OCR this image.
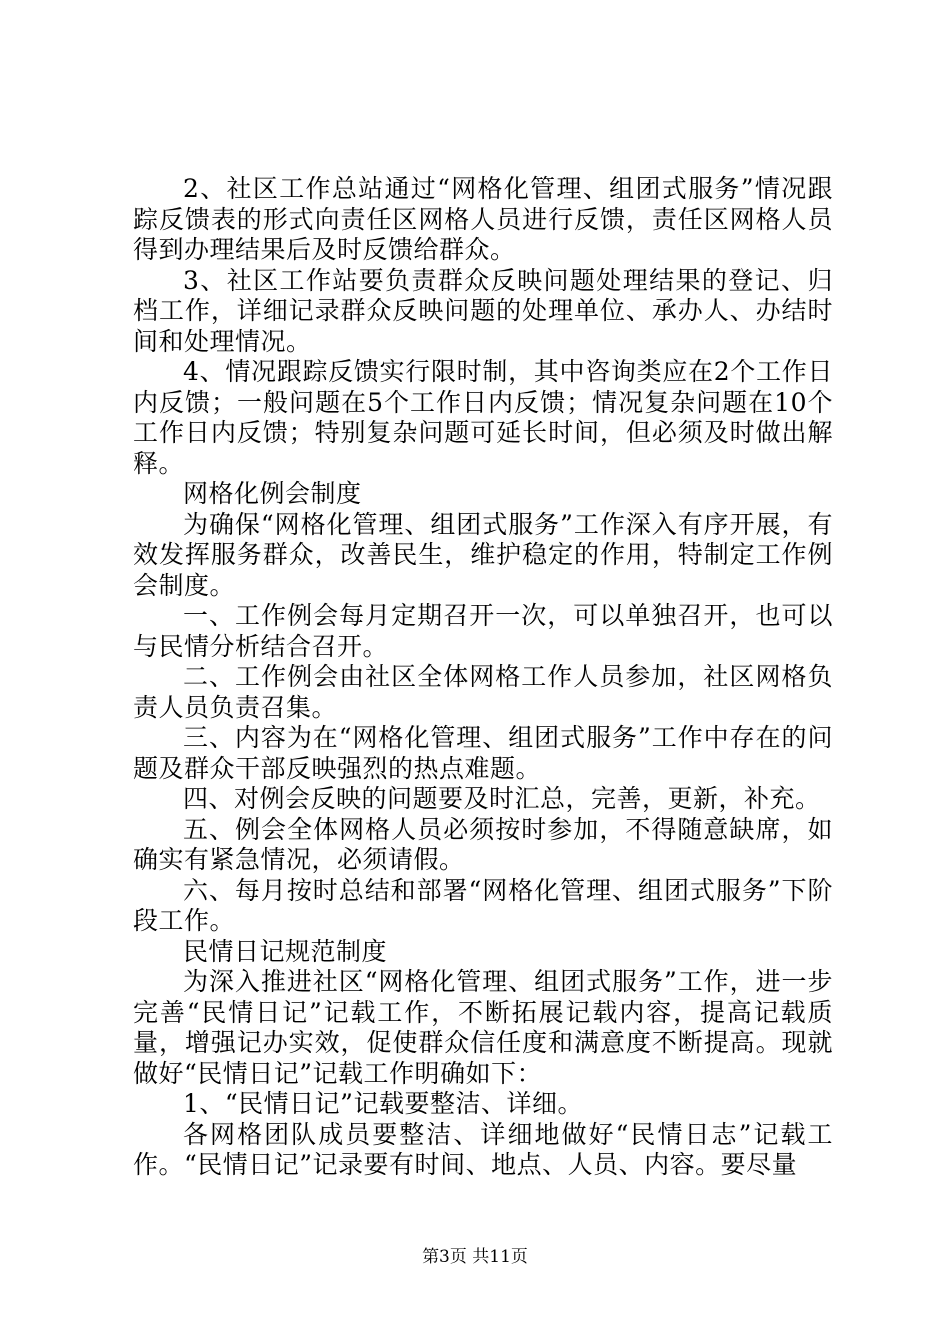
2、社区工作总站通过“网格化管理、组团式服务”情况跟踪反馈表的形式向责任区网格人员进行反馈，责任区网格人员得到办理结果后及时反馈给群众。

3、社区工作站要负责群众反映问题处理结果的登记、归档工作，详细记录群众反映问题的处理单位、承办人、办结时间和处理情况。

4、情况跟踪反馈实行限时制，其中咨询类应在2个工作日内反馈；一般问题在5个工作日内反馈；情况复杂问题在10个工作日内反馈；特别复杂问题可延长时间，但必须及时做出解释。

网格化例会制度

为确保“网格化管理、组团式服务”工作深入有序开展，有效发挥服务群众，改善民生，维护稳定的作用，特制定工作例会制度。

一、工作例会每月定期召开一次，可以单独召开，也可以与民情分析结合召开。

二、工作例会由社区全体网格工作人员参加，社区网格负责人员负责召集。

三、内容为在“网格化管理、组团式服务”工作中存在的问题及群众干部反映强烈的热点难题。

四、对例会反映的问题要及时汇总，完善，更新，补充。

五、例会全体网格人员必须按时参加，不得随意缺席，如确实有紧急情况，必须请假。

六、每月按时总结和部署“网格化管理、组团式服务”下阶段工作。

民情日记规范制度

为深入推进社区“网格化管理、组团式服务”工作，进一步完善“民情日记”记载工作，不断拓展记载内容，提高记载质量，增强记办实效，促使群众信任度和满意度不断提高。现就做好“民情日记”记载工作明确如下：

1、“民情日记”记载要整洁、详细。

各网格团队成员要整洁、详细地做好“民情日志”记载工作。“民情日记”记录要有时间、地点、人员、内容。要尽量

第3页 共11页
